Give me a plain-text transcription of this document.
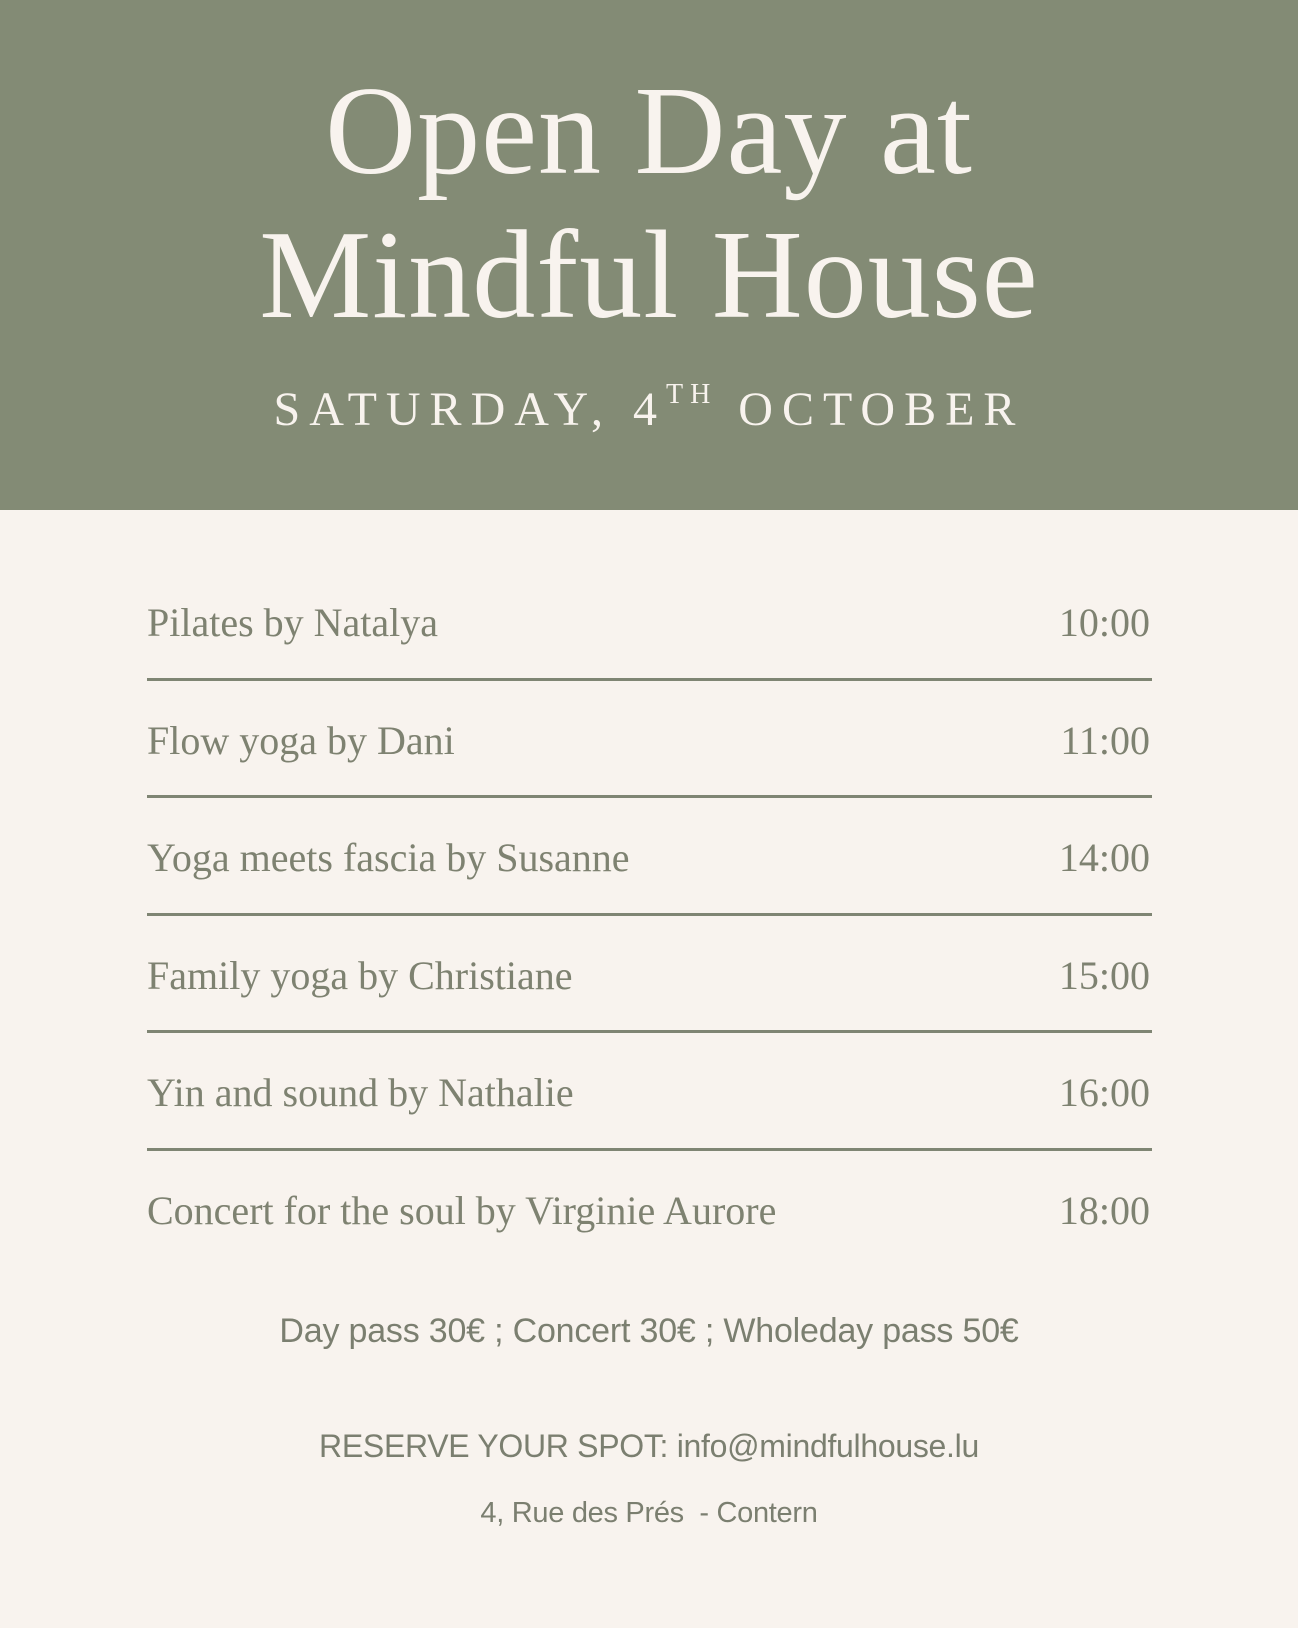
Open Day at
Mindful House
SATURDAY, 4TH OCTOBER
Pilates by Natalya	10:00
Flow yoga by Dani	11:00
Yoga meets fascia by Susanne	14:00
Family yoga by Christiane	15:00
Yin and sound by Nathalie	16:00
Concert for the soul by Virginie Aurore	18:00
Day pass 30€ ; Concert 30€ ; Wholeday pass 50€
RESERVE YOUR SPOT: info@mindfulhouse.lu
4, Rue des Prés  - Contern
